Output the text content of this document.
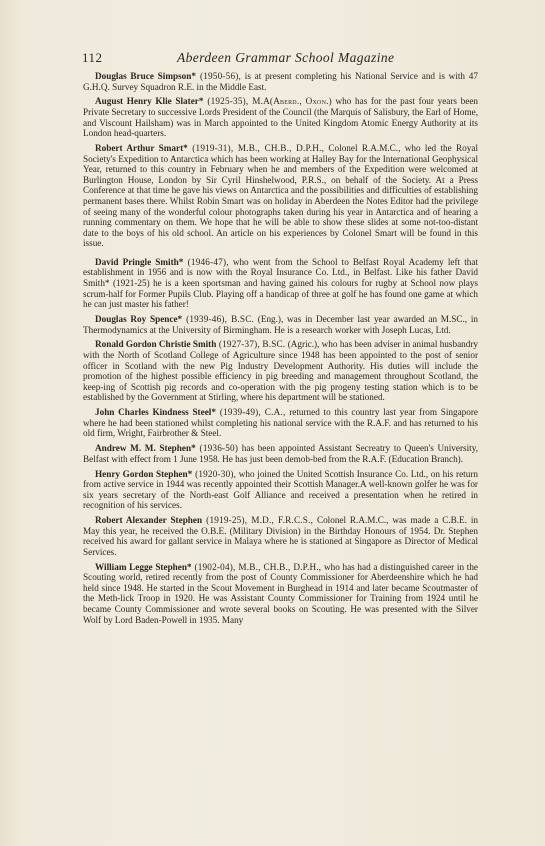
112	Aberdeen Grammar School Magazine

Douglas Bruce Simpson* (1950-56), is at present completing his National Service and is with 47 G.H.Q. Survey Squadron R.E. in the Middle East.

August Henry Klie Slater* (1925-35), M.A(Aberd., Oxon.) who has for the past four years been Private Secretary to successive Lords President of the Council (the Marquis of Salisbury, the Earl of Home, and Viscount Hailsham) was in March appointed to the United Kingdom Atomic Energy Authority at its London head-quarters.

Robert Arthur Smart* (1919-31), M.B., CH.B., D.P.H., Colonel R.A.M.C., who led the Royal Society's Expedition to Antarctica which has been working at Halley Bay for the International Geophysical Year, returned to this country in February when he and members of the Expedition were welcomed at Burlington House, London by Sir Cyril Hinshelwood, P.R.S., on behalf of the Society. At a Press Conference at that time he gave his views on Antarctica and the possibilities and difficulties of establishing permanent bases there. Whilst Robin Smart was on holiday in Aberdeen the Notes Editor had the privilege of seeing many of the wonderful colour photographs taken during his year in Antarctica and of hearing a running commentary on them. We hope that he will be able to show these slides at some not-too-distant date to the boys of his old school. An article on his experiences by Colonel Smart will be found in this issue.

David Pringle Smith* (1946-47), who went from the School to Belfast Royal Academy left that establishment in 1956 and is now with the Royal Insurance Co. Ltd., in Belfast. Like his father David Smith* (1921-25) he is a keen sportsman and having gained his colours for rugby at School now plays scrum-half for Former Pupils Club. Playing off a handicap of three at golf he has found one game at which he can just master his father!

Douglas Roy Spence* (1939-46), B.SC. (Eng.), was in December last year awarded an M.SC., in Thermodynamics at the University of Birmingham. He is a research worker with Joseph Lucas, Ltd.

Ronald Gordon Christie Smith (1927-37), B.SC. (Agric.), who has been adviser in animal husbandry with the North of Scotland College of Agriculture since 1948 has been appointed to the post of senior officer in Scotland with the new Pig Industry Development Authority. His duties will include the promotion of the highest possible efficiency in pig breeding and management throughout Scotland, the keep-ing of Scottish pig records and co-operation with the pig progeny testing station which is to be established by the Government at Stirling, where his department will be stationed.

John Charles Kindness Steel* (1939-49), C.A., returned to this country last year from Singapore where he had been stationed whilst completing his national service with the R.A.F. and has returned to his old firm, Wright, Fairbrother & Steel.

Andrew M. M. Stephen* (1936-50) has been appointed Assistant Secreatry to Queen's University, Belfast with effect from 1 June 1958. He has just been demob-bed from the R.A.F. (Education Branch).

Henry Gordon Stephen* (1920-30), who joined the United Scottish Insurance Co. Ltd., on his return from active service in 1944 was recently appointed their Scottish Manager.A well-known golfer he was for six years secretary of the North-east Golf Alliance and received a presentation when he retired in recognition of his services.

Robert Alexander Stephen (1919-25), M.D., F.R.C.S., Colonel R.A.M.C., was made a C.B.E. in May this year, he received the O.B.E. (Military Division) in the Birthday Honours of 1954. Dr. Stephen received his award for gallant service in Malaya where he is stationed at Singapore as Director of Medical Services.

William Legge Stephen* (1902-04), M.B., CH.B., D.P.H., who has had a distinguished career in the Scouting world, retired recently from the post of County Commissioner for Aberdeenshire which he had held since 1948. He started in the Scout Movement in Burghead in 1914 and later became Scoutmaster of the Meth-lick Troop in 1920. He was Assistant County Commissioner for Training from 1924 until he became County Commissioner and wrote several books on Scouting. He was presented with the Silver Wolf by Lord Baden-Powell in 1935. Many
